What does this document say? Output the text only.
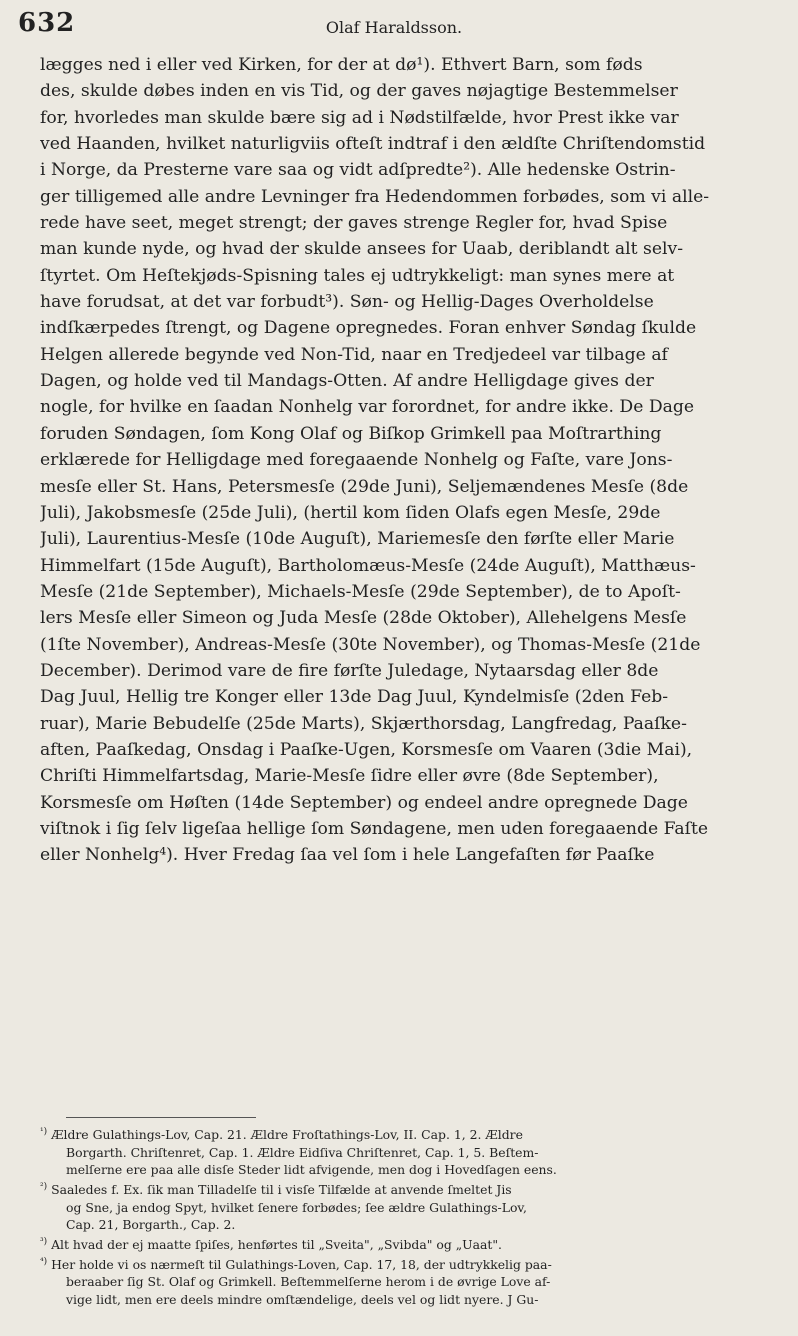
632	Olaf Haraldsson.
lægges ned i eller ved Kirken, for der at dø¹). Ethvert Barn, som føds
des, skulde døbes inden en vis Tid, og der gaves nøjagtige Bestemmelser
for, hvorledes man skulde bære sig ad i Nødstilfælde, hvor Prest ikke var
ved Haanden, hvilket naturligviis ofteſt indtraf i den ældſte Chriſtendomstid
i Norge, da Presterne vare saa og vidt adſpredte²). Alle hedenske Ostrin-
ger tilligemed alle andre Levninger fra Hedendommen forbødes, som vi alle-
rede have seet, meget strengt; der gaves strenge Regler for, hvad Spise
man kunde nyde, og hvad der skulde ansees for Uaab, deriblandt alt selv-
ſtyrtet. Om Heſtekjøds-Spisning tales ej udtrykkeligt: man synes mere at
have forudsat, at det var forbudt³). Søn- og Hellig-Dages Overholdelse
indſkærpedes ſtrengt, og Dagene opregnedes. Foran enhver Søndag ſkulde
Helgen allerede begynde ved Non-Tid, naar en Tredjedeel var tilbage af
Dagen, og holde ved til Mandags-Otten. Af andre Helligdage gives der
nogle, for hvilke en ſaadan Nonhelg var forordnet, for andre ikke. De Dage
foruden Søndagen, ſom Kong Olaf og Biſkop Grimkell paa Moſtrarthing
erklærede for Helligdage med foregaaende Nonhelg og Faſte, vare Jons-
mesſe eller St. Hans, Petersmesſe (29de Juni), Seljemændenes Mesſe (8de
Juli), Jakobsmesſe (25de Juli), (hertil kom ſiden Olafs egen Mesſe, 29de
Juli), Laurentius-Mesſe (10de Auguſt), Mariemesſe den førſte eller Marie
Himmelfart (15de Auguſt), Bartholomæus-Mesſe (24de Auguſt), Matthæus-
Mesſe (21de September), Michaels-Mesſe (29de September), de to Apoſt-
lers Mesſe eller Simeon og Juda Mesſe (28de Oktober), Allehelgens Mesſe
(1ſte November), Andreas-Mesſe (30te November), og Thomas-Mesſe (21de
December). Derimod vare de fire førſte Juledage, Nytaarsdag eller 8de
Dag Juul, Hellig tre Konger eller 13de Dag Juul, Kyndelmisſe (2den Feb-
ruar), Marie Bebudelſe (25de Marts), Skjærthorsdag, Langfredag, Paaſke-
aften, Paaſkedag, Onsdag i Paaſke-Ugen, Korsmesſe om Vaaren (3die Mai),
Chriſti Himmelfartsdag, Marie-Mesſe ſidre eller øvre (8de September),
Korsmesſe om Høſten (14de September) og endeel andre opregnede Dage
viſtnok i ſig ſelv ligeſaa hellige ſom Søndagene, men uden foregaaende Faſte
eller Nonhelg⁴). Hver Fredag ſaa vel ſom i hele Langefaſten før Paaſke
$^{^1)}$ Ældre Gulathings-Lov, Cap. 21. Ældre Froſtathings-Lov, II. Cap. 1, 2. Ældre
Borgarth. Chriſtenret, Cap. 1. Ældre Eidſiva Chriſtenret, Cap. 1, 5. Beſtem-
melſerne ere paa alle disſe Steder lidt afvigende, men dog i Hovedſagen eens.
$^{^2)}$ Saaledes f. Ex. ſik man Tilladelſe til i visſe Tilfælde at anvende ſmeltet Jis
og Sne, ja endog Spyt, hvilket ſenere forbødes; ſee ældre Gulathings-Lov,
Cap. 21, Borgarth., Cap. 2.
$^{^3)}$ Alt hvad der ej maatte ſpiſes, henførtes til „Sveita", „Svibda" og „Uaat".
$^{^4)}$ Her holde vi os nærmeſt til Gulathings-Loven, Cap. 17, 18, der udtrykkelig paa-
beraaber ſig St. Olaf og Grimkell. Beſtemmelſerne herom i de øvrige Love af-
vige lidt, men ere deels mindre omſtændelige, deels vel og lidt nyere. J Gu-
